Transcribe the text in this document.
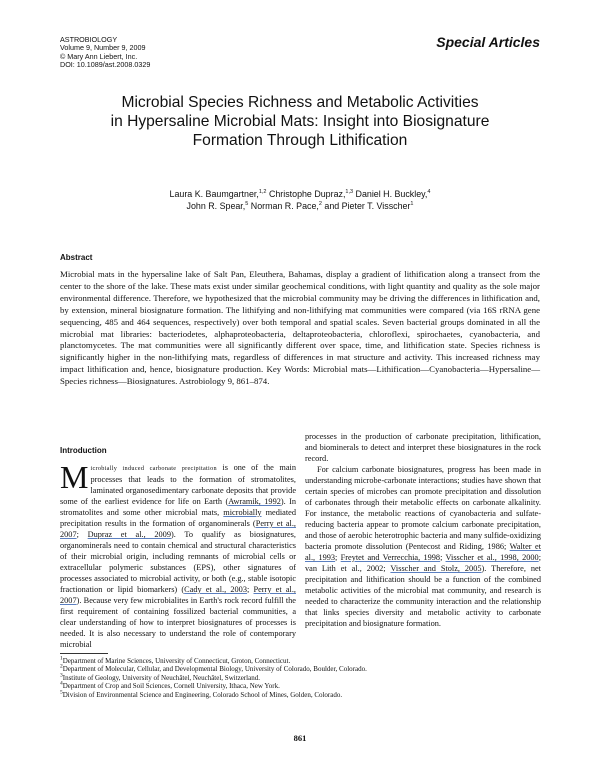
ASTROBIOLOGY
Volume 9, Number 9, 2009
© Mary Ann Liebert, Inc.
DOI: 10.1089/ast.2008.0329
Special Articles
Microbial Species Richness and Metabolic Activities
in Hypersaline Microbial Mats: Insight into Biosignature
Formation Through Lithification
Laura K. Baumgartner,$^{1,2}$ Christophe Dupraz,$^{1,3}$ Daniel H. Buckley,$^4$
John R. Spear,$^5$ Norman R. Pace,$^2$ and Pieter T. Visscher$^1$
Abstract
Microbial mats in the hypersaline lake of Salt Pan, Eleuthera, Bahamas, display a gradient of lithification along a transect from the center to the shore of the lake. These mats exist under similar geochemical conditions, with light quantity and quality as the sole major environmental difference. Therefore, we hypothesized that the microbial community may be driving the differences in lithification and, by extension, mineral biosignature formation. The lithifying and non-lithifying mat communities were compared (via 16S rRNA gene sequencing, 485 and 464 sequences, respectively) over both temporal and spatial scales. Seven bacterial groups dominated in all the microbial mat libraries: bacteriodetes, alphaproteobacteria, deltaproteobacteria, chloroflexi, spirochaetes, cyanobacteria, and planctomycetes. The mat communities were all significantly different over space, time, and lithification state. Species richness is significantly higher in the non-lithifying mats, regardless of differences in mat structure and activity. This increased richness may impact lithification and, hence, biosignature production. Key Words: Microbial mats—Lithification—Cyanobacteria—Hypersaline—Species richness—Biosignatures. Astrobiology 9, 861–874.
Introduction

Microbially induced carbonate precipitation is one of the main processes that leads to the formation of stromatolites, laminated organosedimentary carbonate deposits that provide some of the earliest evidence for life on Earth (Awramik, 1992). In stromatolites and some other microbial mats, microbially mediated precipitation results in the formation of organominerals (Perry et al., 2007; Dupraz et al., 2009). To qualify as biosignatures, organominerals need to contain chemical and structural characteristics of their microbial origin, including remnants of microbial cells or extracellular polymeric substances (EPS), other signatures of processes associated to microbial activity, or both (e.g., stable isotopic fractionation or lipid biomarkers) (Cady et al., 2003; Perry et al., 2007). Because very few microbialites in Earth's rock record fulfill the first requirement of containing fossilized bacterial communities, a clear understanding of how to interpret biosignatures of processes is needed. It is also necessary to understand the role of contemporary microbial

processes in the production of carbonate precipitation, lithification, and biominerals to detect and interpret these biosignatures in the rock record.

For calcium carbonate biosignatures, progress has been made in understanding microbe-carbonate interactions; studies have shown that certain species of microbes can promote precipitation and dissolution of carbonates through their metabolic effects on carbonate alkalinity. For instance, the metabolic reactions of cyanobacteria and sulfate-reducing bacteria appear to promote calcium carbonate precipitation, and those of aerobic heterotrophic bacteria and many sulfide-oxidizing bacteria promote dissolution (Pentecost and Riding, 1986; Walter et al., 1993; Freytet and Verrecchia, 1998; Visscher et al., 1998, 2000; van Lith et al., 2002; Visscher and Stolz, 2005). Therefore, net precipitation and lithification should be a function of the combined metabolic activities of the microbial mat community, and research is needed to characterize the community interaction and the relationship that links species diversity and metabolic activity to carbonate precipitation and biosignature formation.

$^1$Department of Marine Sciences, University of Connecticut, Groton, Connecticut.
$^2$Department of Molecular, Cellular, and Developmental Biology, University of Colorado, Boulder, Colorado.
$^3$Institute of Geology, University of Neuchâtel, Neuchâtel, Switzerland.
$^4$Department of Crop and Soil Sciences, Cornell University, Ithaca, New York.
$^5$Division of Environmental Science and Engineering, Colorado School of Mines, Golden, Colorado.
861
